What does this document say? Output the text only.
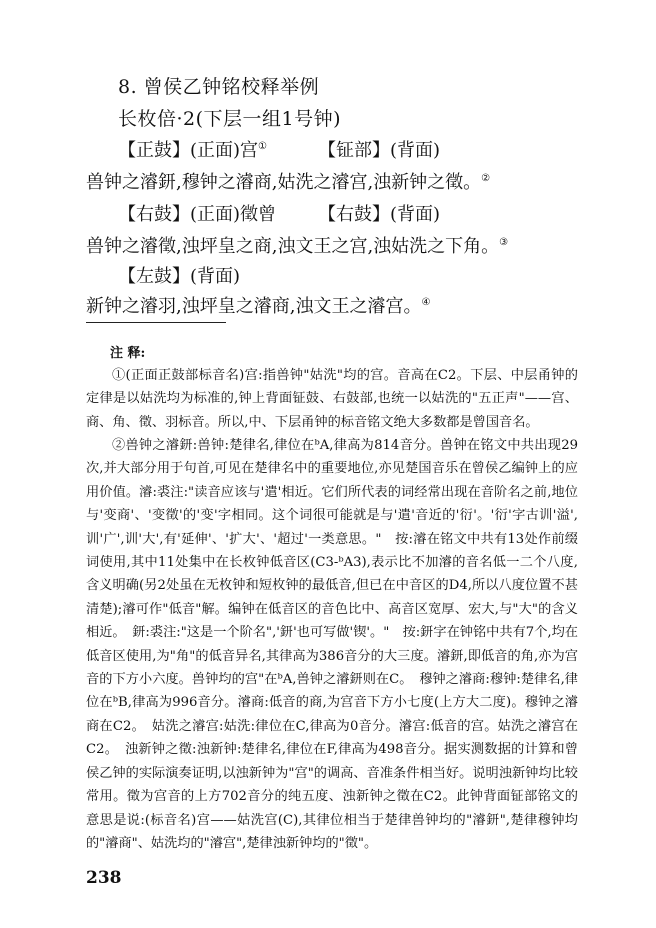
8. 曾侯乙钟铭校释举例
长枚倍·2(下层一组1号钟)
【正鼓】(正面)宫①	【钲部】(背面)
兽钟之濬鈃,穆钟之濬商,姑洗之濬宫,浊新钟之徵。②
【右鼓】(正面)徵曾 【右鼓】(背面)
兽钟之濬徵,浊坪皇之商,浊文王之宫,浊姑洗之下角。③
【左鼓】(背面)
新钟之濬羽,浊坪皇之濬商,浊文王之濬宫。④
注 释:
①(正面正鼓部标音名)宫:指兽钟"姑洗"均的宫。音高在C2。下层、中层甬钟的定律是以姑洗均为标准的,钟上背面钲鼓、右鼓部,也统一以姑洗的"五正声"——宫、商、角、徵、羽标音。所以,中、下层甬钟的标音铭文绝大多数都是曾国音名。
②兽钟之濬鈃:兽钟:楚律名,律位在ᵇA,律高为814音分。兽钟在铭文中共出现29次,并大部分用于句首,可见在楚律名中的重要地位,亦见楚国音乐在曾侯乙编钟上的应用价值。濬:裘注:"读音应该与'遣'相近。它们所代表的词经常出现在音阶名之前,地位与'变商'、'变徵'的'变'字相同。这个词很可能就是与'遣'音近的'衍'。'衍'字古训'溢',训'广',训'大',有'延伸'、'扩大'、'超过'一类意思。"　按:濬在铭文中共有13处作前缀词使用,其中11处集中在长枚钟低音区(C3-ᵇA3),表示比不加濬的音名低一二个八度,含义明确(另2处虽在无枚钟和短枚钟的最低音,但已在中音区的D4,所以八度位置不甚清楚);濬可作"低音"解。编钟在低音区的音色比中、高音区宽厚、宏大,与"大"的含义相近。　鈃:裘注:"这是一个阶名",'鈃'也可写做'锲'。"　按:鈃字在钟铭中共有7个,均在低音区使用,为"角"的低音异名,其律高为386音分的大三度。濬鈃,即低音的角,亦为宫音的下方小六度。兽钟均的宫"在ᵇA,兽钟之濬鈃则在C。　穆钟之濬商:穆钟:楚律名,律位在ᵇB,律高为996音分。濬商:低音的商,为宫音下方小七度(上方大二度)。穆钟之濬商在C2。　姑洗之濬宫:姑洗:律位在C,律高为0音分。濬宫:低音的宫。姑洗之濬宫在C2。　浊新钟之徵:浊新钟:楚律名,律位在F,律高为498音分。据实测数据的计算和曾侯乙钟的实际演奏证明,以浊新钟为"宫"的调高、音准条件相当好。说明浊新钟均比较常用。徵为宫音的上方702音分的纯五度、浊新钟之徵在C2。此钟背面钲部铭文的意思是说:(标音名)宫——姑洗宫(C),其律位相当于楚律兽钟均的"濬鈃",楚律穆钟均的"濬商"、姑洗均的"濬宫",楚律浊新钟均的"徵"。
238
